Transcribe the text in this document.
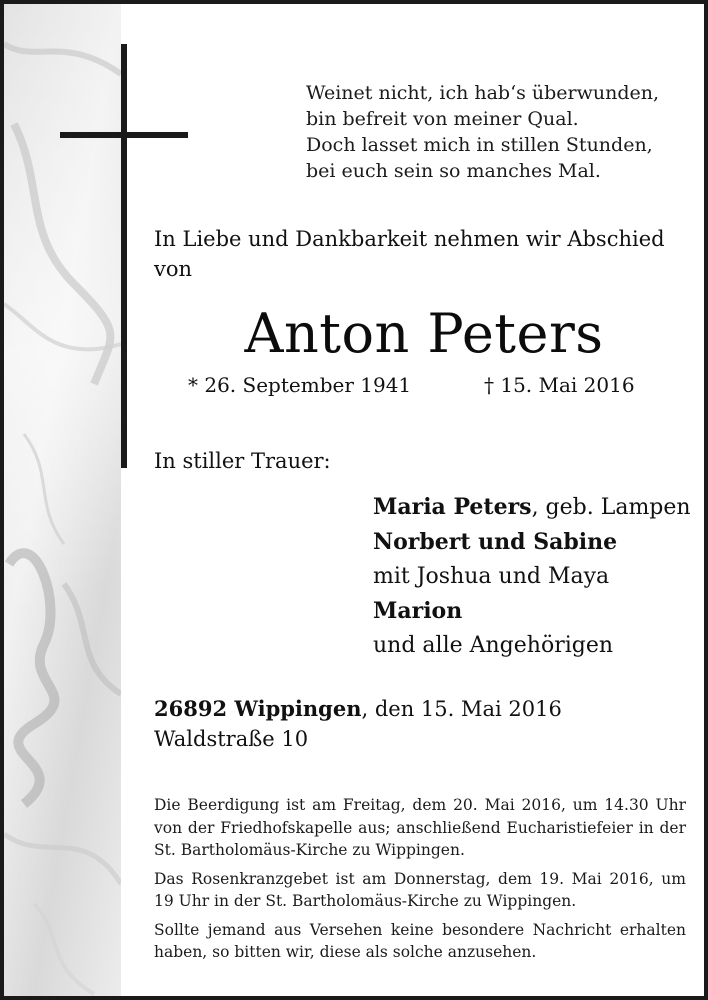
Weinet nicht, ich hab‘s überwunden,
bin befreit von meiner Qual.
Doch lasset mich in stillen Stunden,
bei euch sein so manches Mal.
In Liebe und Dankbarkeit nehmen wir Abschied
von
Anton Peters
* 26. September 1941	† 15. Mai 2016
In stiller Trauer:
Maria Peters, geb. Lampen
Norbert und Sabine
mit Joshua und Maya
Marion
und alle Angehörigen
26892 Wippingen, den 15. Mai 2016
Waldstraße 10

Die Beerdigung ist am Freitag, dem 20. Mai 2016, um 14.30 Uhr von der Friedhofskapelle aus; anschließend Eucharistiefeier in der St. Bartholomäus-Kirche zu Wippingen.

Das Rosenkranzgebet ist am Donnerstag, dem 19. Mai 2016, um 19 Uhr in der St. Bartholomäus-Kirche zu Wippingen.

Sollte jemand aus Versehen keine besondere Nachricht erhalten haben, so bitten wir, diese als solche anzusehen.
